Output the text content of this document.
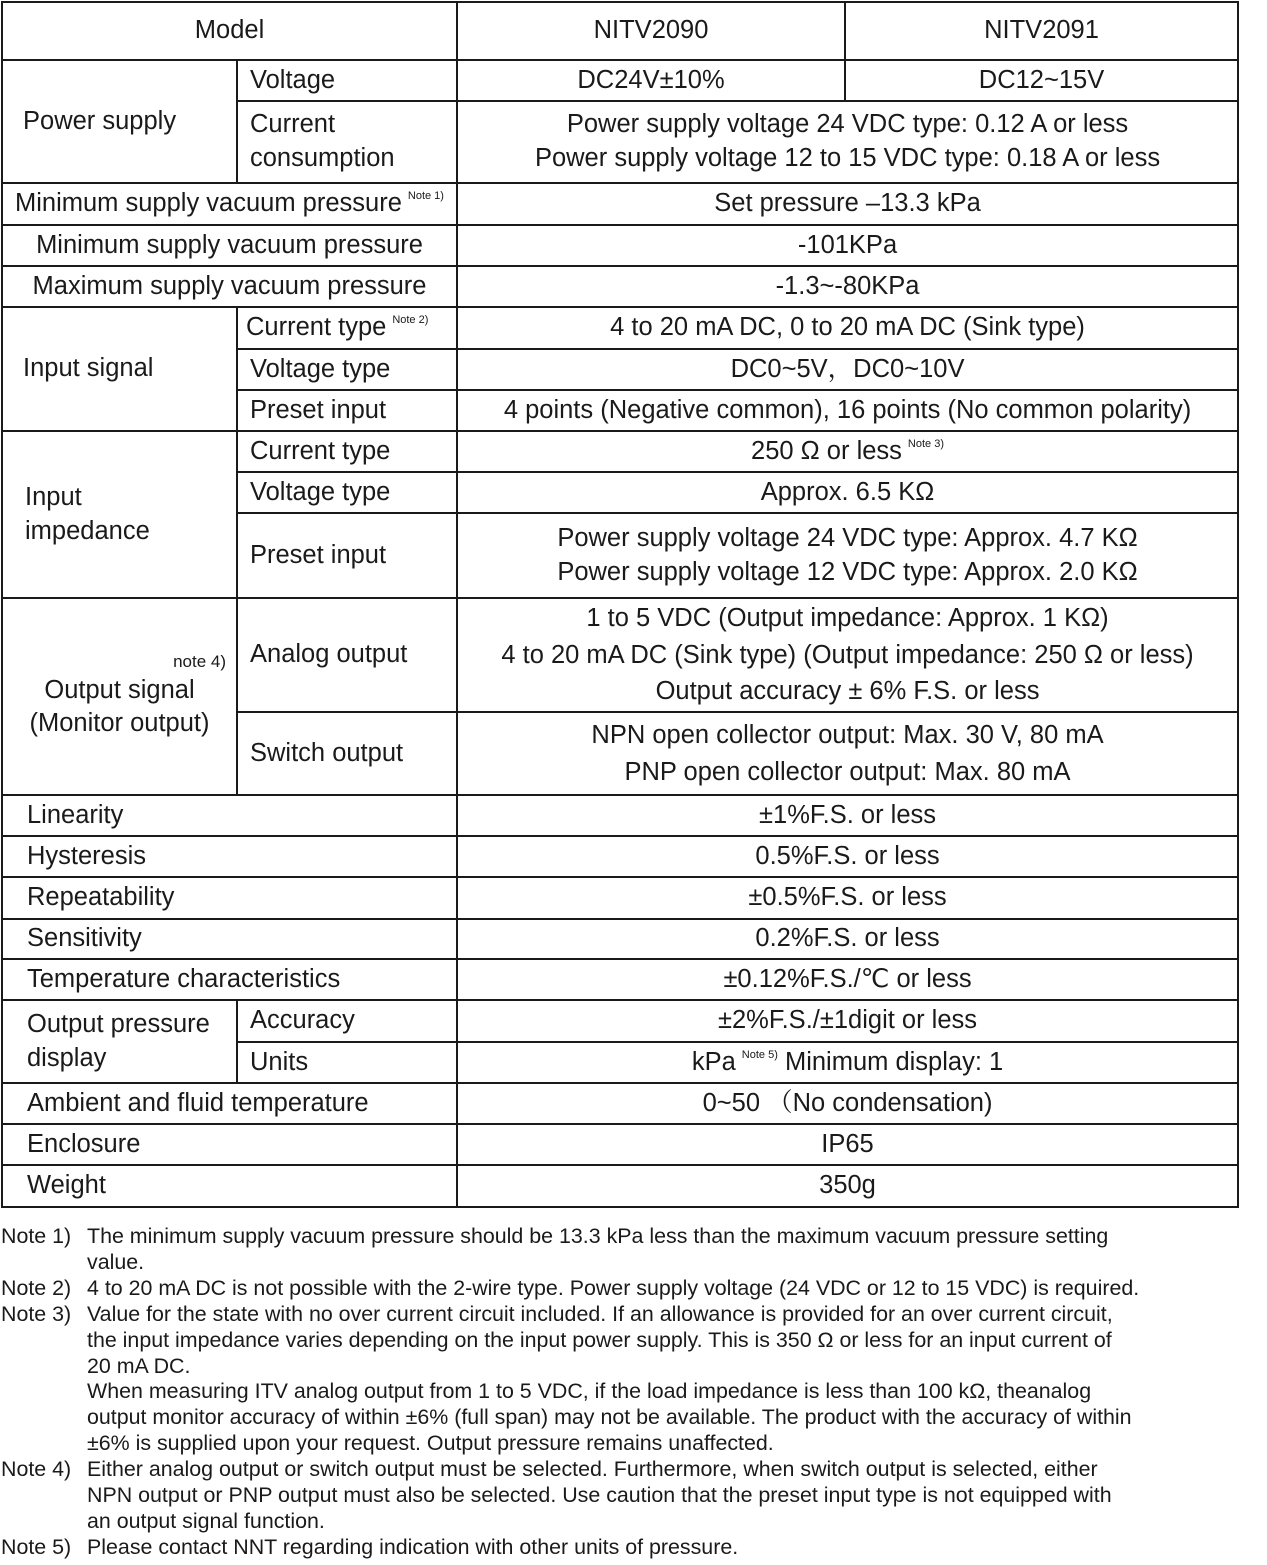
Model		NITV2090	NITV2091
Power supply	Voltage	DC24V±10%	DC12~15V
	Current
consumption	Power supply voltage 24 VDC type: 0.12 A or less
Power supply voltage 12 to 15 VDC type: 0.18 A or less	
Minimum supply vacuum pressure $^{Note 1)}$		Set pressure –13.3 kPa	
Minimum supply vacuum pressure		-101KPa	
Maximum supply vacuum pressure		-1.3~-80KPa	
Input signal	Current type $^{Note 2)}$	4 to 20 mA DC, 0 to 20 mA DC (Sink type)	
	Voltage type	DC0~5V，DC0~10V	
	Preset input	4 points (Negative common), 16 points (No common polarity)	
Input
impedance	Current type	250 Ω or less $^{Note 3)}$
	Voltage type	Approx. 6.5 KΩ	
	Preset input	Power supply voltage 24 VDC type: Approx. 4.7 KΩ
Power supply voltage 12 VDC type: Approx. 2.0 KΩ	

note 4)
Output signal
(Monitor output)	Analog output	1 to 5 VDC (Output impedance: Approx. 1 KΩ)
4 to 20 mA DC (Sink type) (Output impedance: 250 Ω or less)
Output accuracy ± 6% F.S. or less	
	Switch output	NPN open collector output: Max. 30 V, 80 mA
PNP open collector output: Max. 80 mA	
Linearity		±1%F.S. or less	
Hysteresis		0.5%F.S. or less	
Repeatability		±0.5%F.S. or less	
Sensitivity		0.2%F.S. or less	
Temperature characteristics		±0.12%F.S./℃ or less	
Output pressure
display	Accuracy	±2%F.S./±1digit or less	
	Units	kPa $^{Note 5)}$ Minimum display: 1	
Ambient and fluid temperature		0~50 （No condensation)	
Enclosure		IP65	
Weight		350g	
Note 1) The minimum supply vacuum pressure should be 13.3 kPa less than the maximum vacuum pressure setting
value.
Note 2) 4 to 20 mA DC is not possible with the 2-wire type. Power supply voltage (24 VDC or 12 to 15 VDC) is required.
Note 3) Value for the state with no over current circuit included. If an allowance is provided for an over current circuit,
the input impedance varies depending on the input power supply. This is 350 Ω or less for an input current of
20 mA DC.
When measuring ITV analog output from 1 to 5 VDC, if the load impedance is less than 100 kΩ, theanalog
output monitor accuracy of within ±6% (full span) may not be available. The product with the accuracy of within
±6% is supplied upon your request. Output pressure remains unaffected.
Note 4) Either analog output or switch output must be selected. Furthermore, when switch output is selected, either
NPN output or PNP output must also be selected. Use caution that the preset input type is not equipped with
an output signal function.
Note 5) Please contact NNT regarding indication with other units of pressure.
